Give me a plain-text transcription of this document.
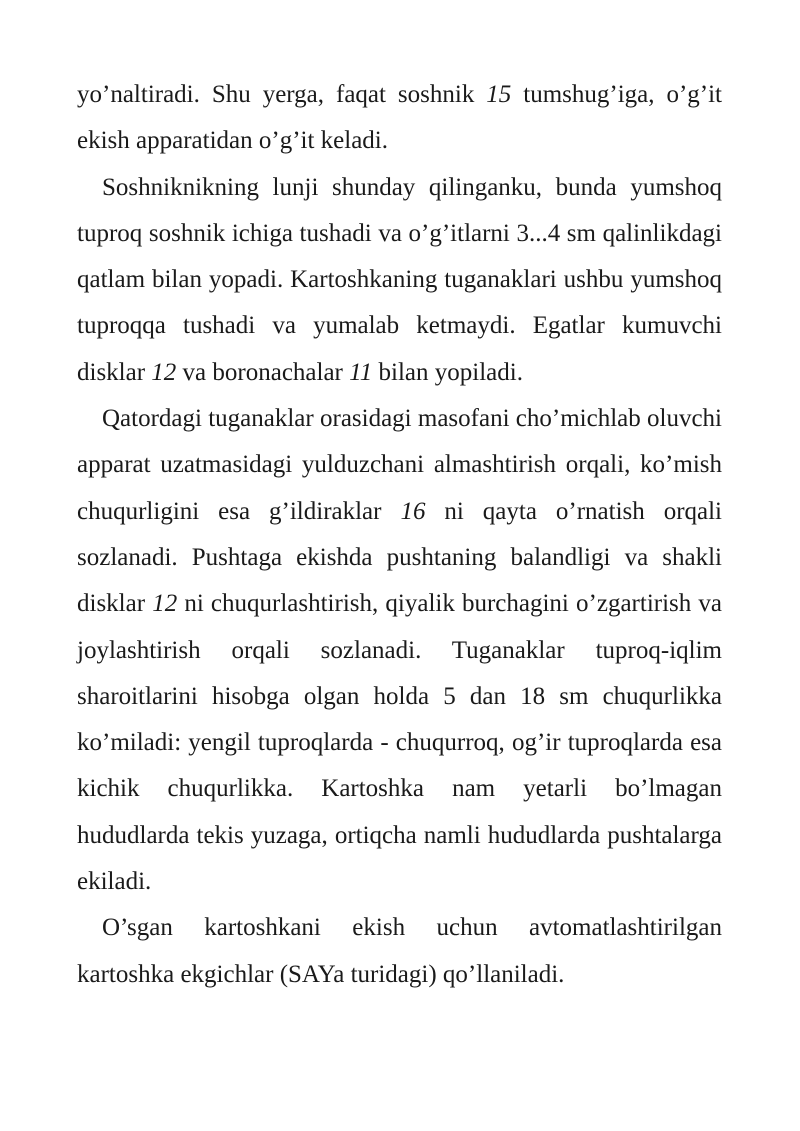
yo’naltiradi. Shu yerga, faqat soshnik 15 tumshug’iga, o’g’it ekish apparatidan o’g’it keladi.

Soshniknikning lunji shunday qilinganku, bunda yumshoq tuproq soshnik ichiga tushadi va o’g’itlarni 3...4 sm qalinlikdagi qatlam bilan yopadi. Kartoshkaning tuganaklari ushbu yumshoq tuproqqa tushadi va yumalab ketmaydi. Egatlar kumuvchi disklar 12 va boronachalar 11 bilan yopiladi.

Qatordagi tuganaklar orasidagi masofani cho’michlab oluvchi apparat uzatmasidagi yulduzchani almashtirish orqali, ko’mish chuqurligini esa g’ildiraklar 16 ni qayta o’rnatish orqali sozlanadi. Pushtaga ekishda pushtaning balandligi va shakli disklar 12 ni chuqurlashtirish, qiyalik burchagini o’zgartirish va joylashtirish orqali sozlanadi. Tuganaklar tuproq-iqlim sharoitlarini hisobga olgan holda 5 dan 18 sm chuqurlikka ko’miladi: yengil tuproqlarda - chuqurroq, og’ir tuproqlarda esa kichik chuqurlikka. Kartoshka nam yetarli bo’lmagan hududlarda tekis yuzaga, ortiqcha namli hududlarda pushtalarga ekiladi.

O’sgan kartoshkani ekish uchun avtomatlashtirilgan kartoshka ekgichlar (SAYa turidagi) qo’llaniladi.
